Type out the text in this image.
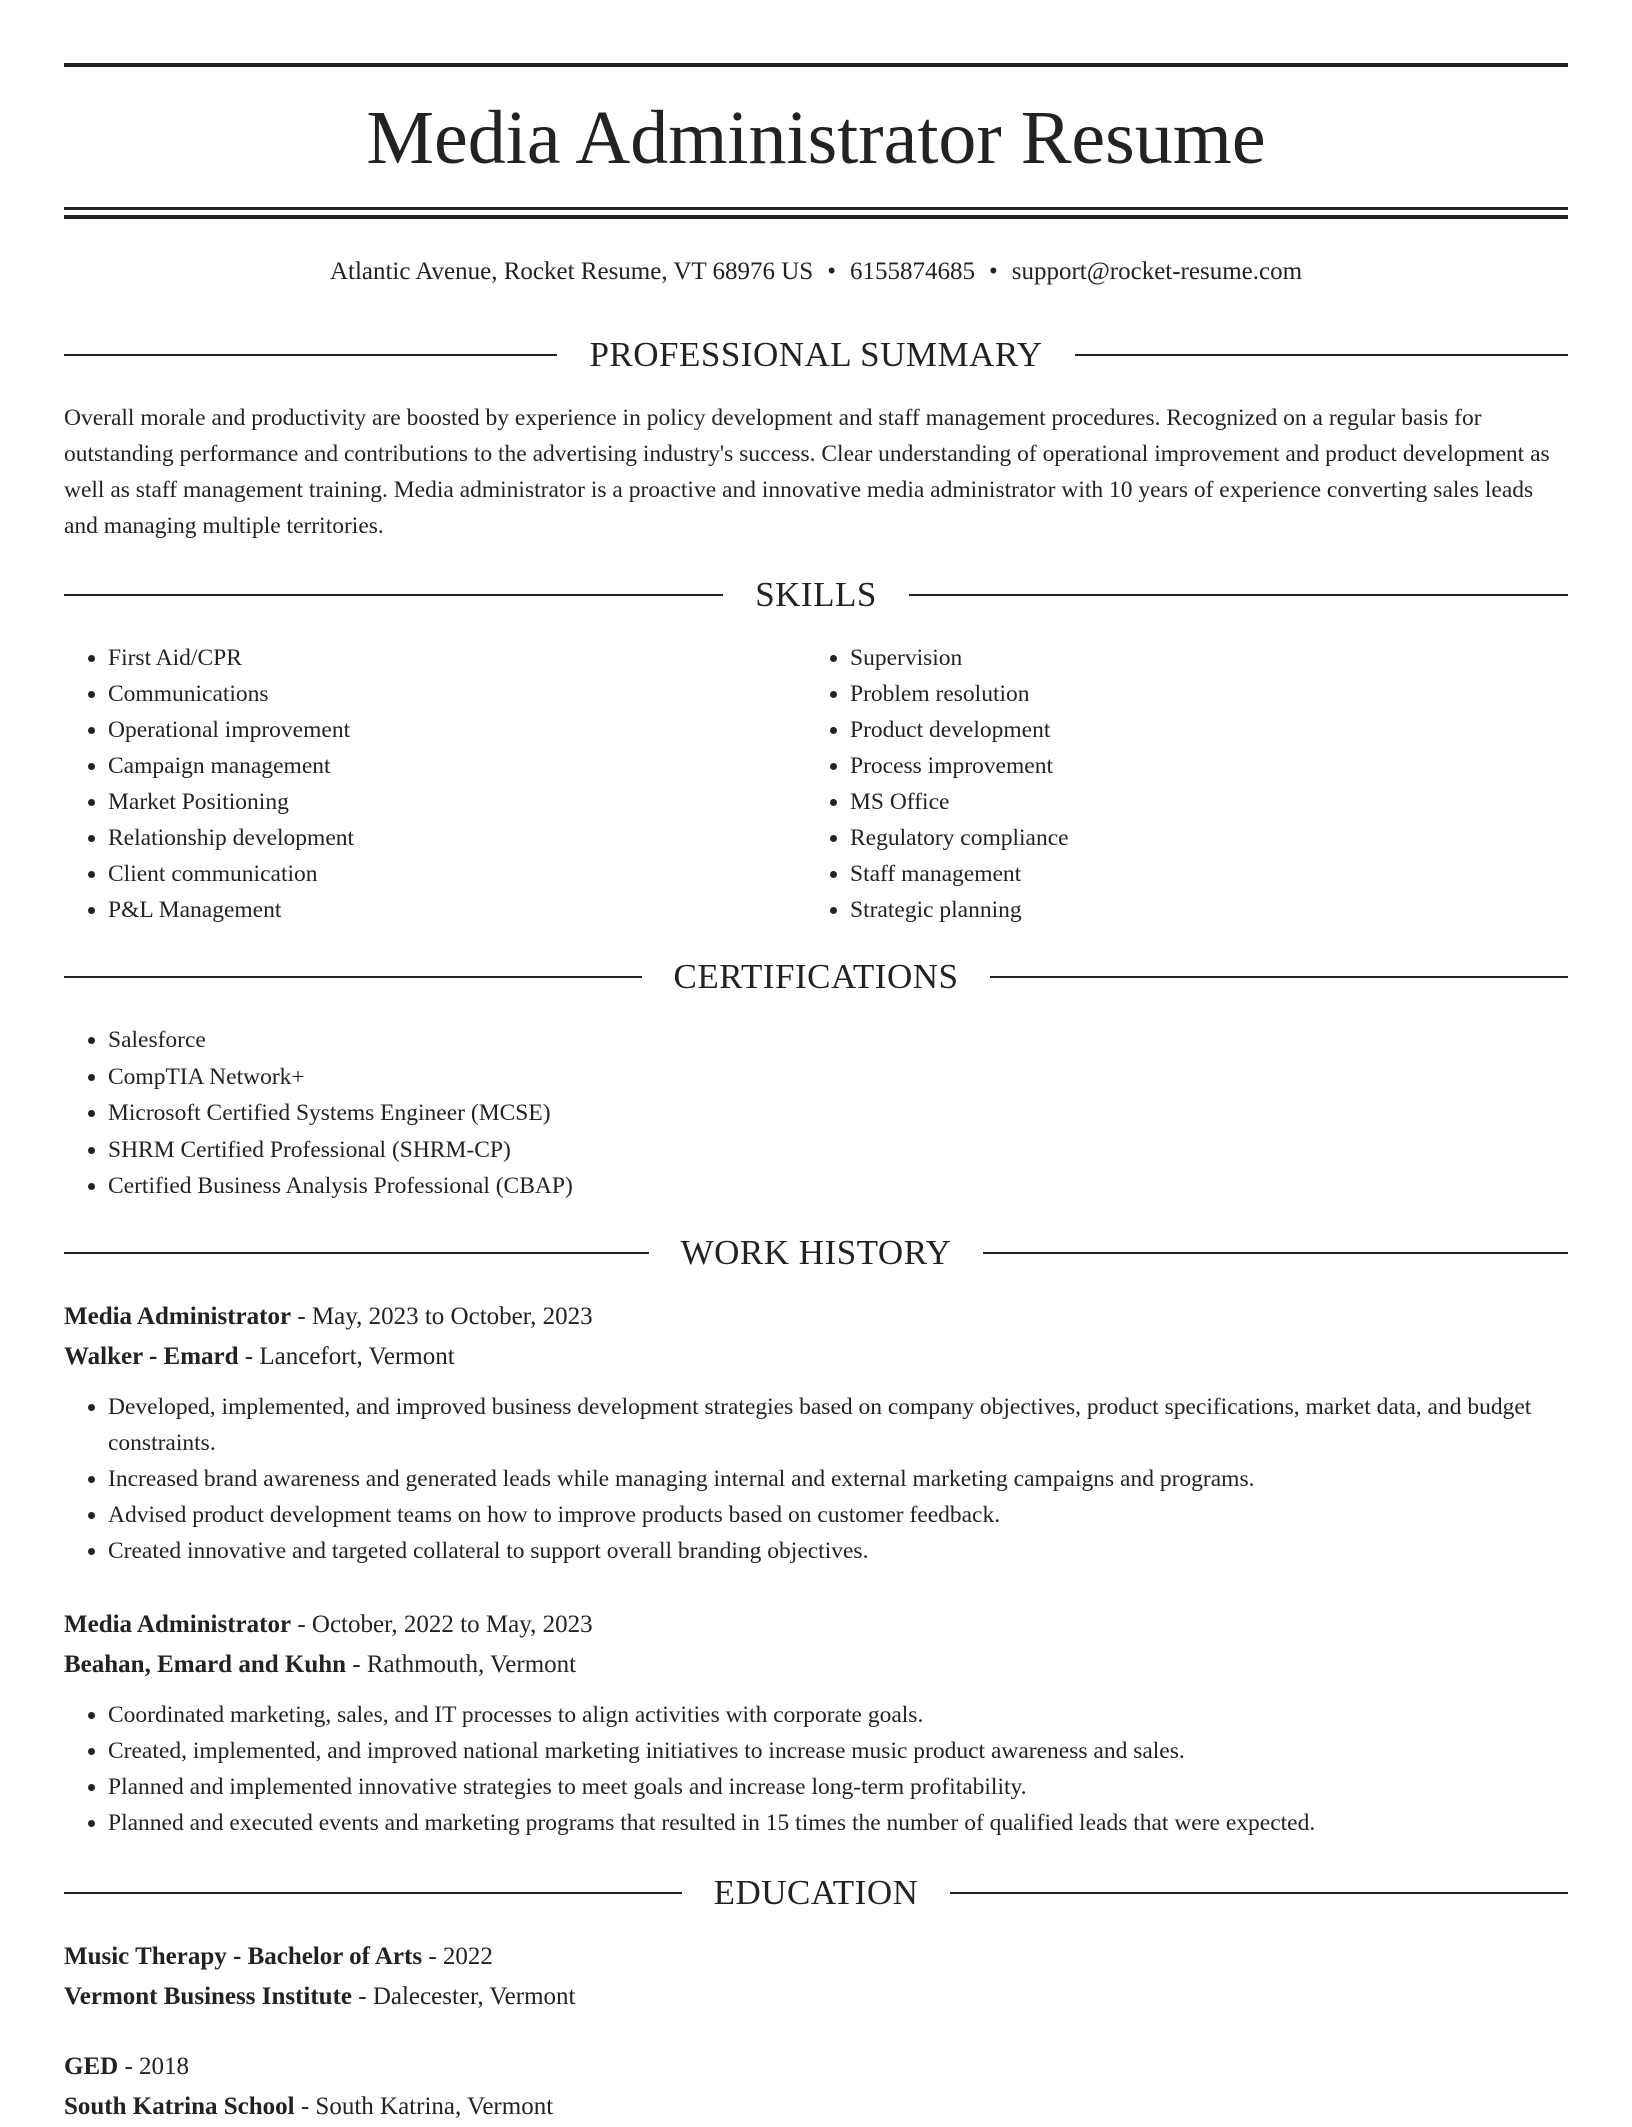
Media Administrator Resume
Atlantic Avenue, Rocket Resume, VT 68976 US • 6155874685 • support@rocket-resume.com
PROFESSIONAL SUMMARY

Overall morale and productivity are boosted by experience in policy development and staff management procedures. Recognized on a regular basis for outstanding performance and contributions to the advertising industry's success. Clear understanding of operational improvement and product development as well as staff management training. Media administrator is a proactive and innovative media administrator with 10 years of experience converting sales leads and managing multiple territories.

SKILLS
• First Aid/CPR
• Communications
• Operational improvement
• Campaign management
• Market Positioning
• Relationship development
• Client communication
• P&L Management
• Supervision
• Problem resolution
• Product development
• Process improvement
• MS Office
• Regulatory compliance
• Staff management
• Strategic planning
CERTIFICATIONS
• Salesforce
• CompTIA Network+
• Microsoft Certified Systems Engineer (MCSE)
• SHRM Certified Professional (SHRM-CP)
• Certified Business Analysis Professional (CBAP)
WORK HISTORY
Media Administrator - May, 2023 to October, 2023
Walker - Emard - Lancefort, Vermont
• Developed, implemented, and improved business development strategies based on company objectives, product specifications, market data, and budget constraints.
• Increased brand awareness and generated leads while managing internal and external marketing campaigns and programs.
• Advised product development teams on how to improve products based on customer feedback.
• Created innovative and targeted collateral to support overall branding objectives.
Media Administrator - October, 2022 to May, 2023
Beahan, Emard and Kuhn - Rathmouth, Vermont
• Coordinated marketing, sales, and IT processes to align activities with corporate goals.
• Created, implemented, and improved national marketing initiatives to increase music product awareness and sales.
• Planned and implemented innovative strategies to meet goals and increase long-term profitability.
• Planned and executed events and marketing programs that resulted in 15 times the number of qualified leads that were expected.
EDUCATION
Music Therapy - Bachelor of Arts - 2022
Vermont Business Institute - Dalecester, Vermont
GED - 2018
South Katrina School - South Katrina, Vermont
